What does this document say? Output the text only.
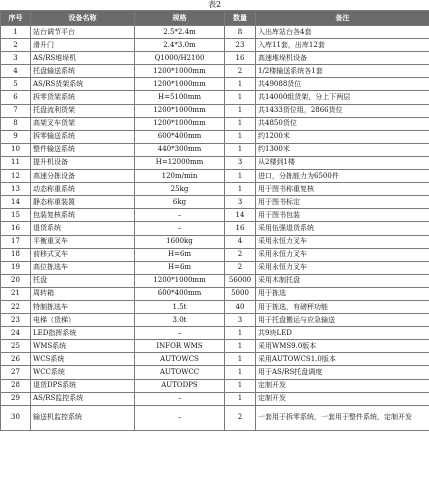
表2
序号	设备名称	规格	数量	备注
1	站台调节平台	2.5*2.4m	8	入出库站台各4套
2	滑升门	2.4*3.0m	23	入库11套，出库12套
3	AS/RS堆垛机	Q1000/H2100	16	高速堆垛机设备
4	托盘输送系统	1200*1000mm	2	1/2楼输送系统各1套
5	AS/RS货架系统	1200*1000mm	1	共49088货位
6	拆零货架系统	H=5100mm	1	共14000组货架，分上下两层
7	托盘流利货架	1200*1000mm	1	共1433货位组，2866货位
8	高架叉车货架	1200*1000mm	1	共4850货位
9	拆零输送系统	600*400mm	1	约1200米
10	整件输送系统	440*300mm	1	约1300米
11	提升机设备	H=12000mm	3	从2楼到1楼
12	高速分拣设备	120m/min	1	进口，分拣能力为6500件
13	动态称重系统	25kg	1	用于图书称重复核
14	静态称重装置	6kg	3	用于图书标定
15	包装复核系统	–	14	用于图书包装
16	退货系统	–	16	采用伍强退货系统
17	平衡重叉车	1600kg	4	采用永恒力叉车
18	前移式叉车	H=6m	2	采用永恒力叉车
19	高位拣选车	H=6m	2	采用永恒力叉车
20	托盘	1200*1000mm	56000	采用木制托盘
21	周转箱	600*400mm	5000	用于拣选
22	特制拣选车	1.5t	40	用于拣选，有磅秤功能
23	电梯（货梯）	3.0t	3	用于托盘搬运与应急输送
24	LED指挥系统	–	1	共9块LED
25	WMS系统	INFOR WMS	1	采用WMS9.0版本
26	WCS系统	AUTOWCS	1	采用AUTOWCS1.0版本
27	WCC系统	AUTOWCC	1	用于AS/RS托盘调度
28	退货DPS系统	AUTODPS	1	定制开发
29	AS/RS监控系统	–	1	定制开发
30	输送机监控系统	–	2	一套用于拆零系统，一套用于整件系统，定制开发
